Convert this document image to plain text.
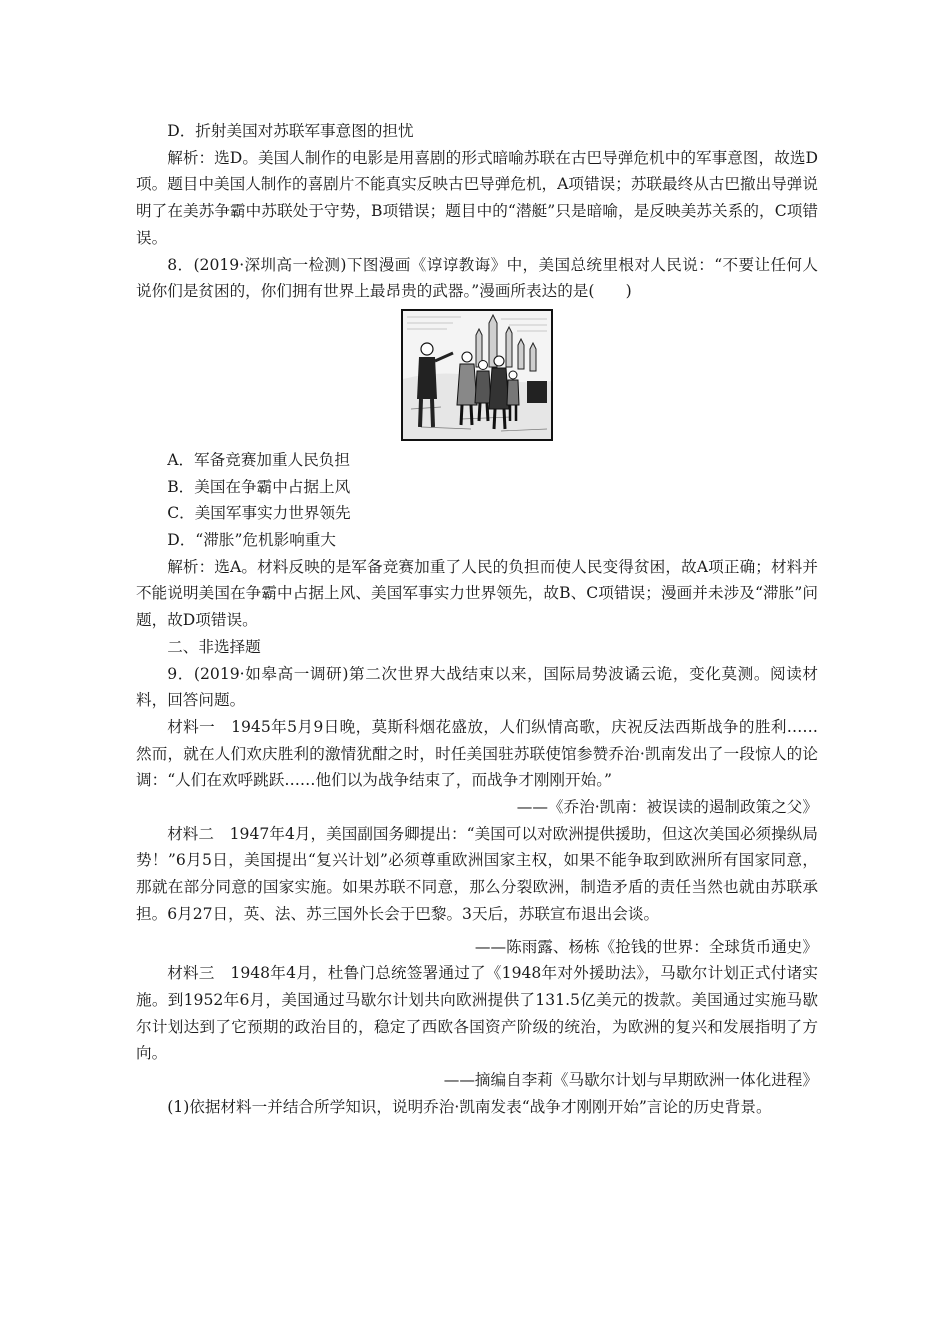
D．折射美国对苏联军事意图的担忧

解析：选D。美国人制作的电影是用喜剧的形式暗喻苏联在古巴导弹危机中的军事意图，故选D项。题目中美国人制作的喜剧片不能真实反映古巴导弹危机，A项错误；苏联最终从古巴撤出导弹说明了在美苏争霸中苏联处于守势，B项错误；题目中的“潜艇”只是暗喻，是反映美苏关系的，C项错误。

8．(2019·深圳高一检测)下图漫画《谆谆教诲》中，美国总统里根对人民说：“不要让任何人说你们是贫困的，你们拥有世界上最昂贵的武器。”漫画所表达的是(　　)

A．军备竞赛加重人民负担

B．美国在争霸中占据上风

C．美国军事实力世界领先

D．“滞胀”危机影响重大

解析：选A。材料反映的是军备竞赛加重了人民的负担而使人民变得贫困，故A项正确；材料并不能说明美国在争霸中占据上风、美国军事实力世界领先，故B、C项错误；漫画并未涉及“滞胀”问题，故D项错误。

二、非选择题

9．(2019·如皋高一调研)第二次世界大战结束以来，国际局势波谲云诡，变化莫测。阅读材料，回答问题。

材料一　1945年5月9日晚，莫斯科烟花盛放，人们纵情高歌，庆祝反法西斯战争的胜利……然而，就在人们欢庆胜利的激情犹酣之时，时任美国驻苏联使馆参赞乔治·凯南发出了一段惊人的论调：“人们在欢呼跳跃……他们以为战争结束了，而战争才刚刚开始。”

——《乔治·凯南：被误读的遏制政策之父》

材料二　1947年4月，美国副国务卿提出：“美国可以对欧洲提供援助，但这次美国必须操纵局势！”6月5日，美国提出“复兴计划”必须尊重欧洲国家主权，如果不能争取到欧洲所有国家同意，那就在部分同意的国家实施。如果苏联不同意，那么分裂欧洲，制造矛盾的责任当然也就由苏联承担。6月27日，英、法、苏三国外长会于巴黎。3天后，苏联宣布退出会谈。

——陈雨露、杨栋《抢钱的世界：全球货币通史》

材料三　1948年4月，杜鲁门总统签署通过了《1948年对外援助法》，马歇尔计划正式付诸实施。到1952年6月，美国通过马歇尔计划共向欧洲提供了131.5亿美元的拨款。美国通过实施马歇尔计划达到了它预期的政治目的，稳定了西欧各国资产阶级的统治，为欧洲的复兴和发展指明了方向。

——摘编自李莉《马歇尔计划与早期欧洲一体化进程》

(1)依据材料一并结合所学知识，说明乔治·凯南发表“战争才刚刚开始”言论的历史背景。
